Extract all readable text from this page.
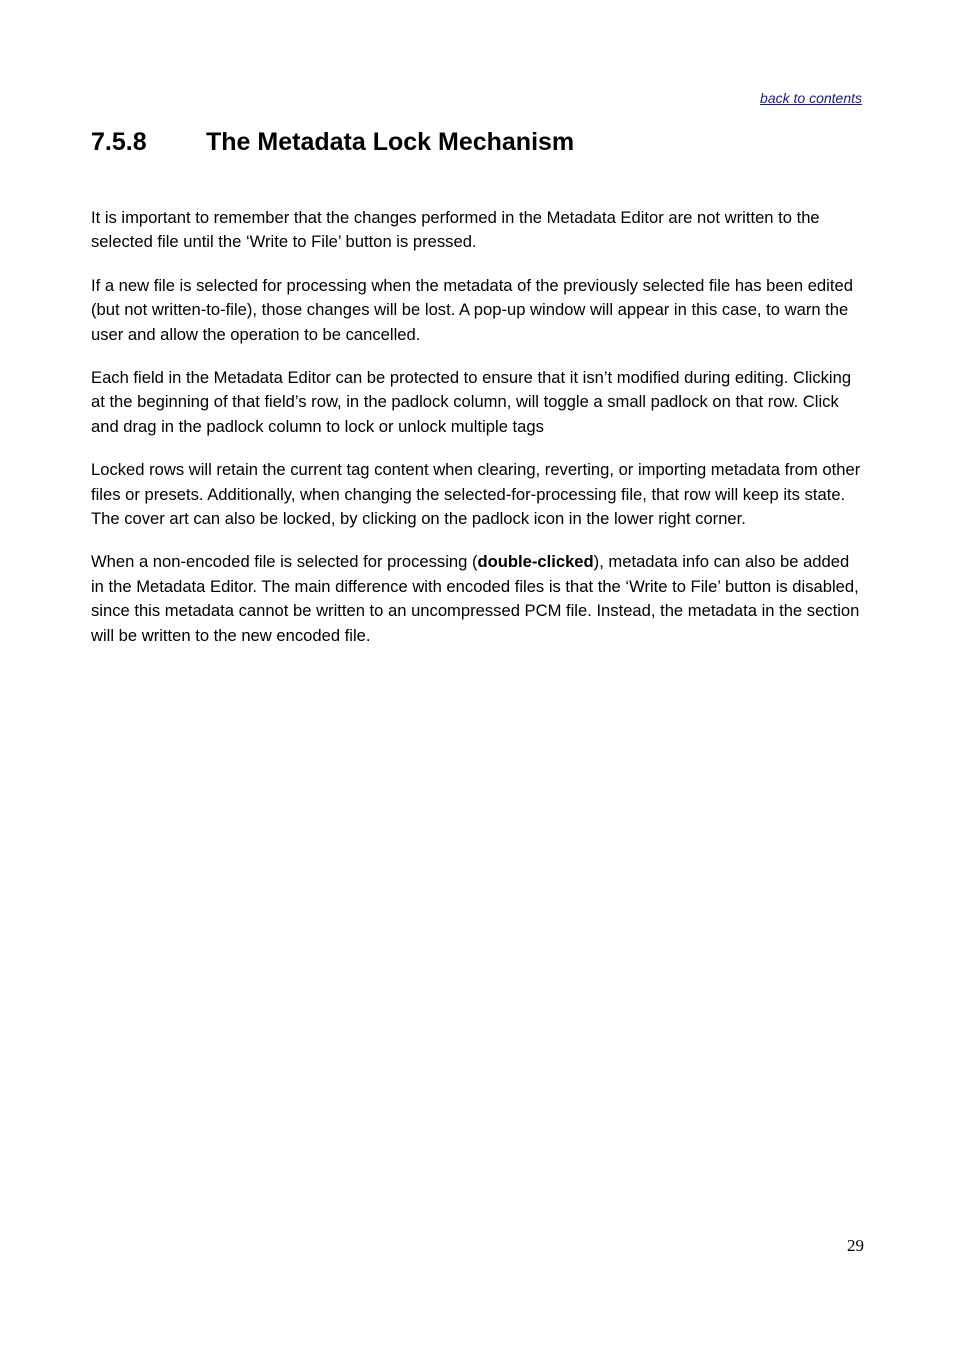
back to contents
7.5.8	The Metadata Lock Mechanism

It is important to remember that the changes performed in the Metadata Editor are not written to the selected file until the ‘Write to File’ button is pressed.

If a new file is selected for processing when the metadata of the previously selected file has been edited (but not written-to-file), those changes will be lost. A pop-up window will appear in this case, to warn the user and allow the operation to be cancelled.

Each field in the Metadata Editor can be protected to ensure that it isn’t modified during editing. Clicking at the beginning of that field’s row, in the padlock column, will toggle a small padlock on that row. Click and drag in the padlock column to lock or unlock multiple tags

Locked rows will retain the current tag content when clearing, reverting, or importing metadata from other files or presets. Additionally, when changing the selected-for-processing file, that row will keep its state. The cover art can also be locked, by clicking on the padlock icon in the lower right corner.

When a non-encoded file is selected for processing (double-clicked), metadata info can also be added in the Metadata Editor. The main difference with encoded files is that the ‘Write to File’ button is disabled, since this metadata cannot be written to an uncompressed PCM file. Instead, the metadata in the section will be written to the new encoded file.

29
